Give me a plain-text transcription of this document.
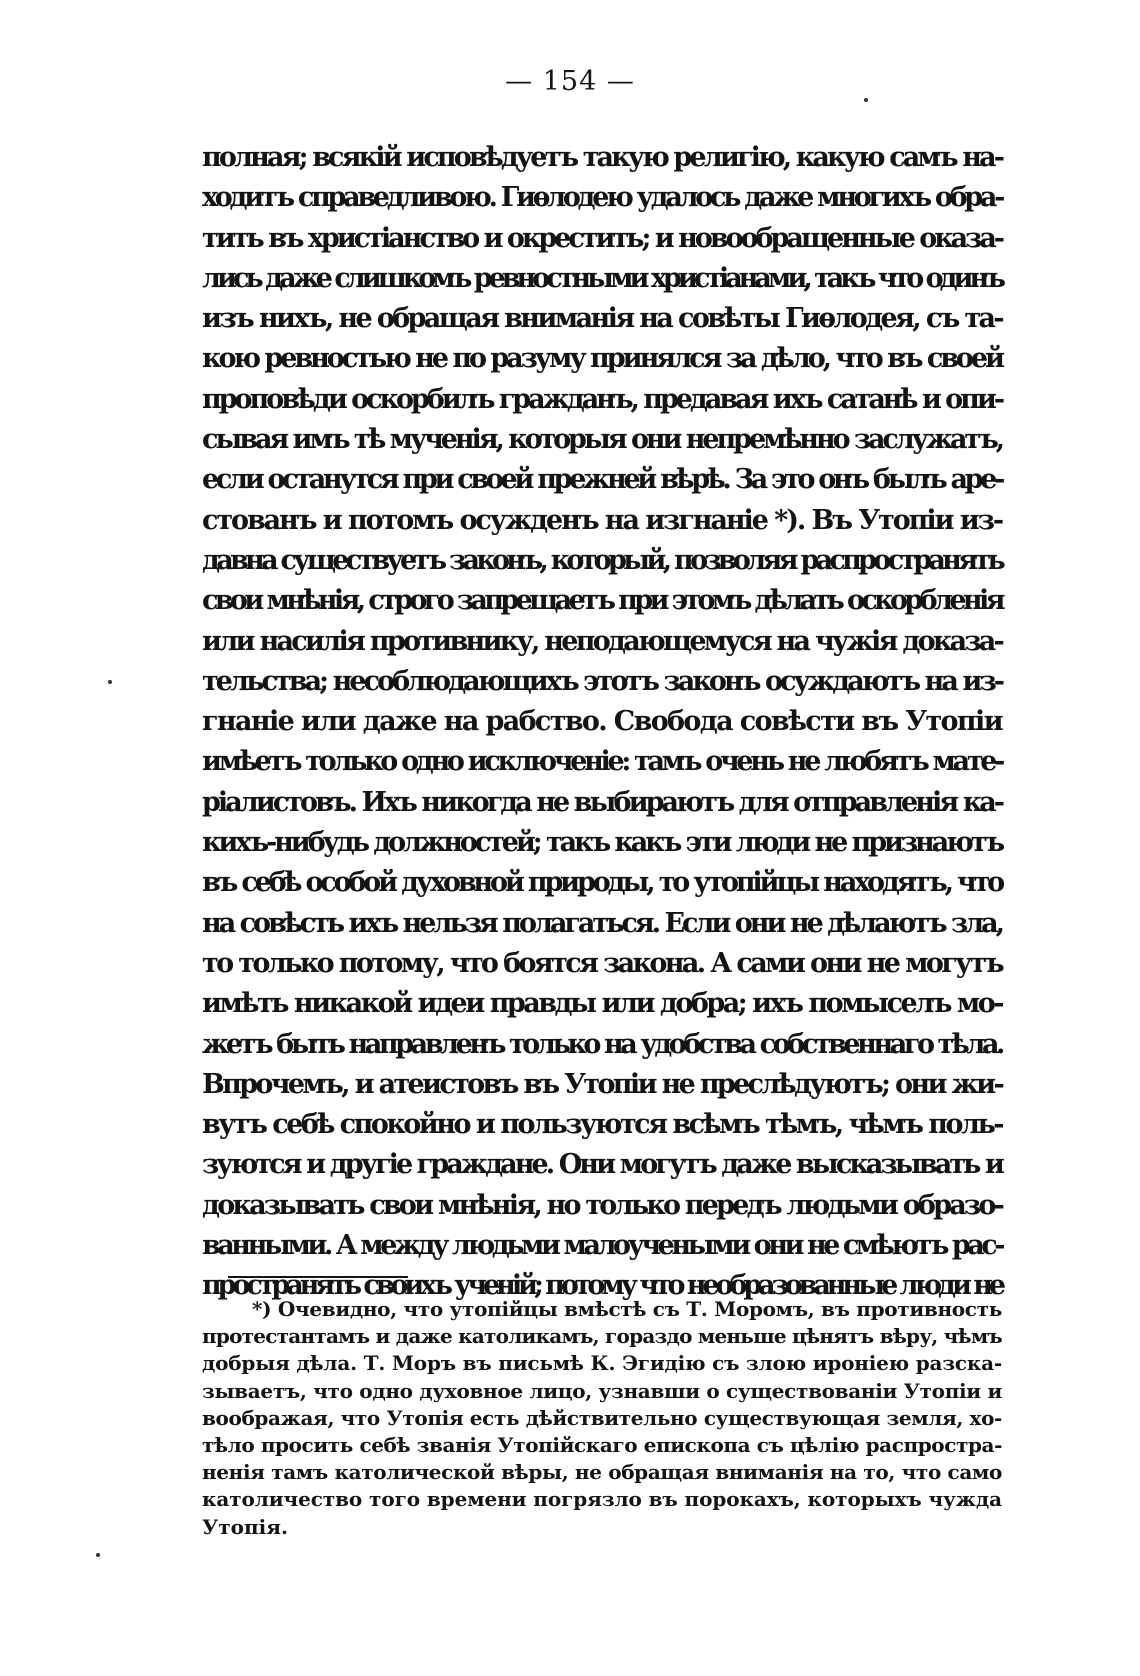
— 154 —
полная; всякій исповѣдуетъ такую религію, какую самъ на-
ходитъ справедливою. Гиѳлодею удалось даже многихъ обра-
тить въ христіанство и окрестить; и новообращенные оказа-
лись даже слишкомъ ревностными христіанами, такъ что одинъ
изъ нихъ, не обращая вниманія на совѣты Гиѳлодея, съ та-
кою ревностью не по разуму принялся за дѣло, что въ своей
проповѣди оскорбилъ гражданъ, предавая ихъ сатанѣ и опи-
сывая имъ тѣ мученія, которыя они непремѣнно заслужатъ,
если останутся при своей прежней вѣрѣ. За это онъ былъ аре-
стованъ и потомъ осужденъ на изгнаніе *). Въ Утопіи из-
давна существуетъ законъ, который, позволяя распространять
свои мнѣнія, строго запрещаетъ при этомъ дѣлать оскорбленія
или насилія противнику, неподающемуся на чужія доказа-
тельства; несоблюдающихъ этотъ законъ осуждаютъ на из-
гнаніе или даже на рабство. Свобода совѣсти въ Утопіи
имѣетъ только одно исключеніе: тамъ очень не любятъ мате-
ріалистовъ. Ихъ никогда не выбираютъ для отправленія ка-
кихъ-нибудь должностей; такъ какъ эти люди не признаютъ
въ себѣ особой духовной природы, то утопійцы находятъ, что
на совѣсть ихъ нельзя полагаться. Если они не дѣлаютъ зла,
то только потому, что боятся закона. А сами они не могутъ
имѣть никакой идеи правды или добра; ихъ помыселъ мо-
жетъ быть направленъ только на удобства собственнаго тѣла.
Впрочемъ, и атеистовъ въ Утопіи не преслѣдуютъ; они жи-
вутъ себѣ спокойно и пользуются всѣмъ тѣмъ, чѣмъ поль-
зуются и другіе граждане. Они могутъ даже высказывать и
доказывать свои мнѣнія, но только передъ людьми образо-
ванными. А между людьми малоучеными они не смѣютъ рас-
пространять своихъ ученій; потому что необразованные люди не
*) Очевидно, что утопійцы вмѣстѣ съ Т. Моромъ, въ противность
протестантамъ и даже католикамъ, гораздо меньше цѣнятъ вѣру, чѣмъ
добрыя дѣла. Т. Моръ въ письмѣ К. Эгидію съ злою ироніею разска-
зываетъ, что одно духовное лицо, узнавши о существованіи Утопіи и
воображая, что Утопія есть дѣйствительно существующая земля, хо-
тѣло просить себѣ званія Утопійскаго епископа съ цѣлію распростра-
ненія тамъ католической вѣры, не обращая вниманія на то, что само
католичество того времени погрязло въ порокахъ, которыхъ чужда
Утопія.
